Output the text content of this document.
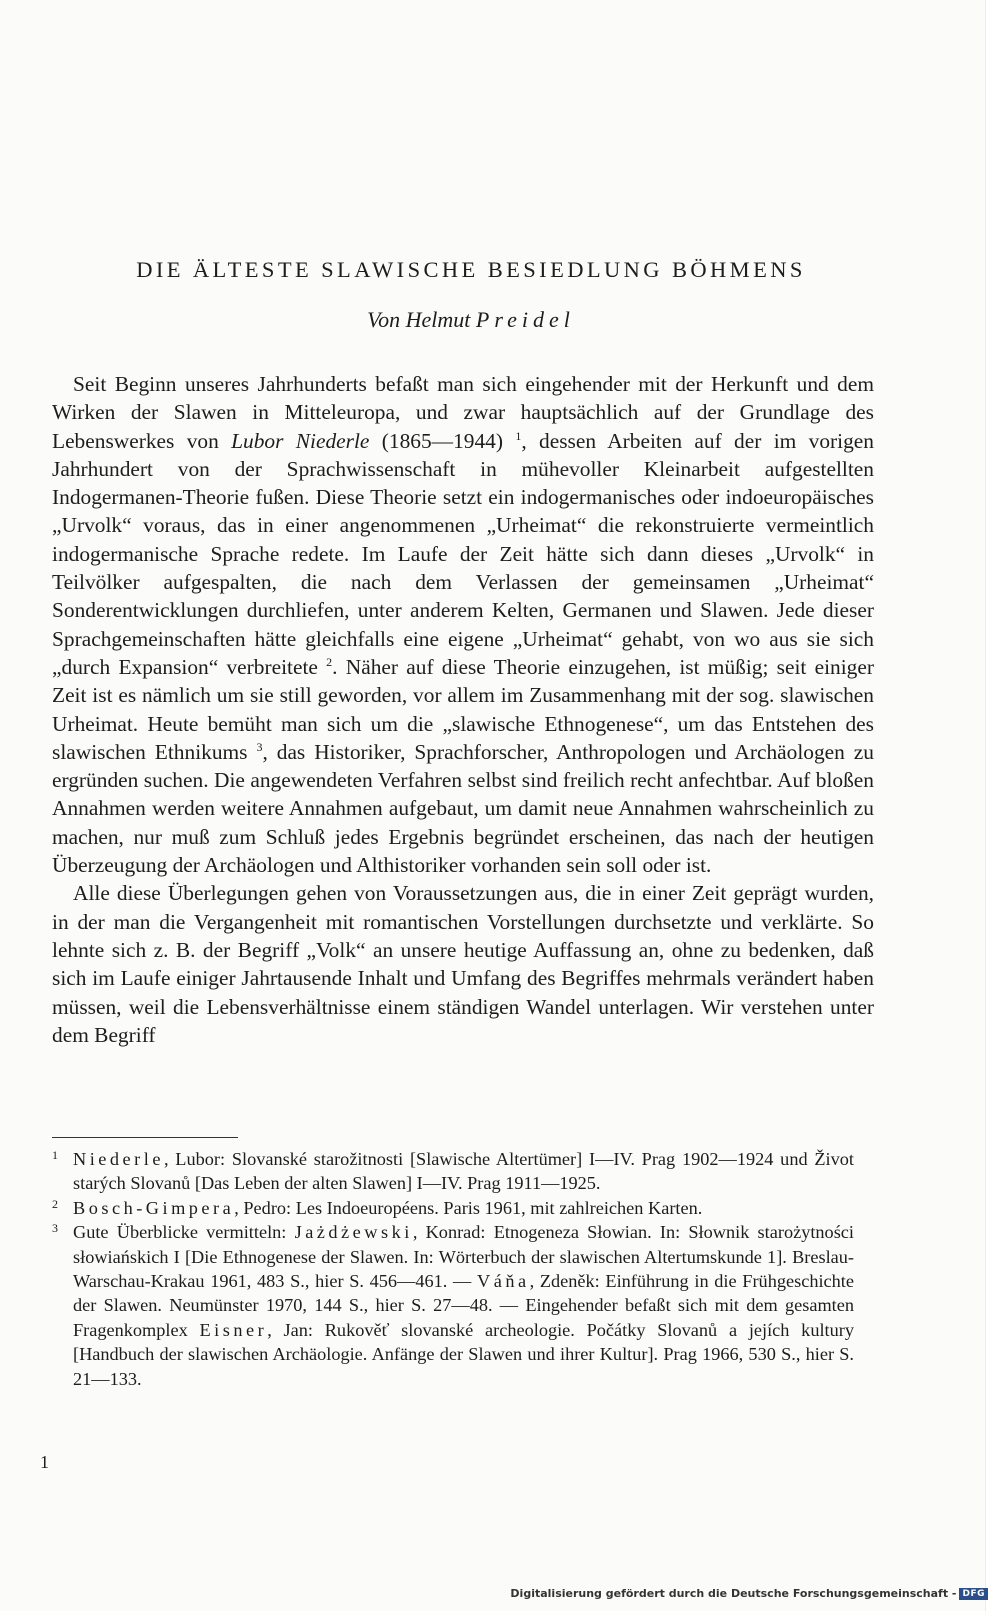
DIE ÄLTESTE SLAWISCHE BESIEDLUNG BÖHMENS
Von Helmut Preidel

Seit Beginn unseres Jahrhunderts befaßt man sich eingehender mit der Herkunft und dem Wirken der Slawen in Mitteleuropa, und zwar hauptsächlich auf der Grundlage des Lebenswerkes von Lubor Niederle (1865—1944) $^1$, dessen Arbeiten auf der im vorigen Jahrhundert von der Sprachwissenschaft in mühevoller Kleinarbeit aufgestellten Indogermanen-Theorie fußen. Diese Theorie setzt ein indogermanisches oder indoeuropäisches „Urvolk“ voraus, das in einer angenommenen „Urheimat“ die rekonstruierte vermeintlich indogermanische Sprache redete. Im Laufe der Zeit hätte sich dann dieses „Urvolk“ in Teilvölker aufgespalten, die nach dem Verlassen der gemeinsamen „Urheimat“ Sonderentwicklungen durchliefen, unter anderem Kelten, Germanen und Slawen. Jede dieser Sprachgemeinschaften hätte gleichfalls eine eigene „Urheimat“ gehabt, von wo aus sie sich „durch Expansion“ verbreitete $^2$. Näher auf diese Theorie einzugehen, ist müßig; seit einiger Zeit ist es nämlich um sie still geworden, vor allem im Zusammenhang mit der sog. slawischen Urheimat. Heute bemüht man sich um die „slawische Ethnogenese“, um das Entstehen des slawischen Ethnikums $^3$, das Historiker, Sprachforscher, Anthropologen und Archäologen zu ergründen suchen. Die angewendeten Verfahren selbst sind freilich recht anfechtbar. Auf bloßen Annahmen werden weitere Annahmen aufgebaut, um damit neue Annahmen wahrscheinlich zu machen, nur muß zum Schluß jedes Ergebnis begründet erscheinen, das nach der heutigen Überzeugung der Archäologen und Althistoriker vorhanden sein soll oder ist.

Alle diese Überlegungen gehen von Voraussetzungen aus, die in einer Zeit geprägt wurden, in der man die Vergangenheit mit romantischen Vorstellungen durchsetzte und verklärte. So lehnte sich z. B. der Begriff „Volk“ an unsere heutige Auffassung an, ohne zu bedenken, daß sich im Laufe einiger Jahrtausende Inhalt und Umfang des Begriffes mehrmals verändert haben müssen, weil die Lebensverhältnisse einem ständigen Wandel unterlagen. Wir verstehen unter dem Begriff

1 Niederle, Lubor: Slovanské starožitnosti [Slawische Altertümer] I—IV. Prag 1902—1924 und Život starých Slovanů [Das Leben der alten Slawen] I—IV. Prag 1911—1925.
2 Bosch-Gimpera, Pedro: Les Indoeuropéens. Paris 1961, mit zahlreichen Karten.
3 Gute Überblicke vermitteln: Jażdżewski, Konrad: Etnogeneza Słowian. In: Słownik starożytności słowiańskich I [Die Ethnogenese der Slawen. In: Wörterbuch der slawischen Altertumskunde 1]. Breslau-Warschau-Krakau 1961, 483 S., hier S. 456—461. — Váňa, Zdeněk: Einführung in die Frühgeschichte der Slawen. Neumünster 1970, 144 S., hier S. 27—48. — Eingehender befaßt sich mit dem gesamten Fragenkomplex Eisner, Jan: Rukověť slovanské archeologie. Počátky Slovanů a jejích kultury [Handbuch der slawischen Archäologie. Anfänge der Slawen und ihrer Kultur]. Prag 1966, 530 S., hier S. 21—133.
1
Digitalisierung gefördert durch die Deutsche Forschungsgemeinschaft - DFG
